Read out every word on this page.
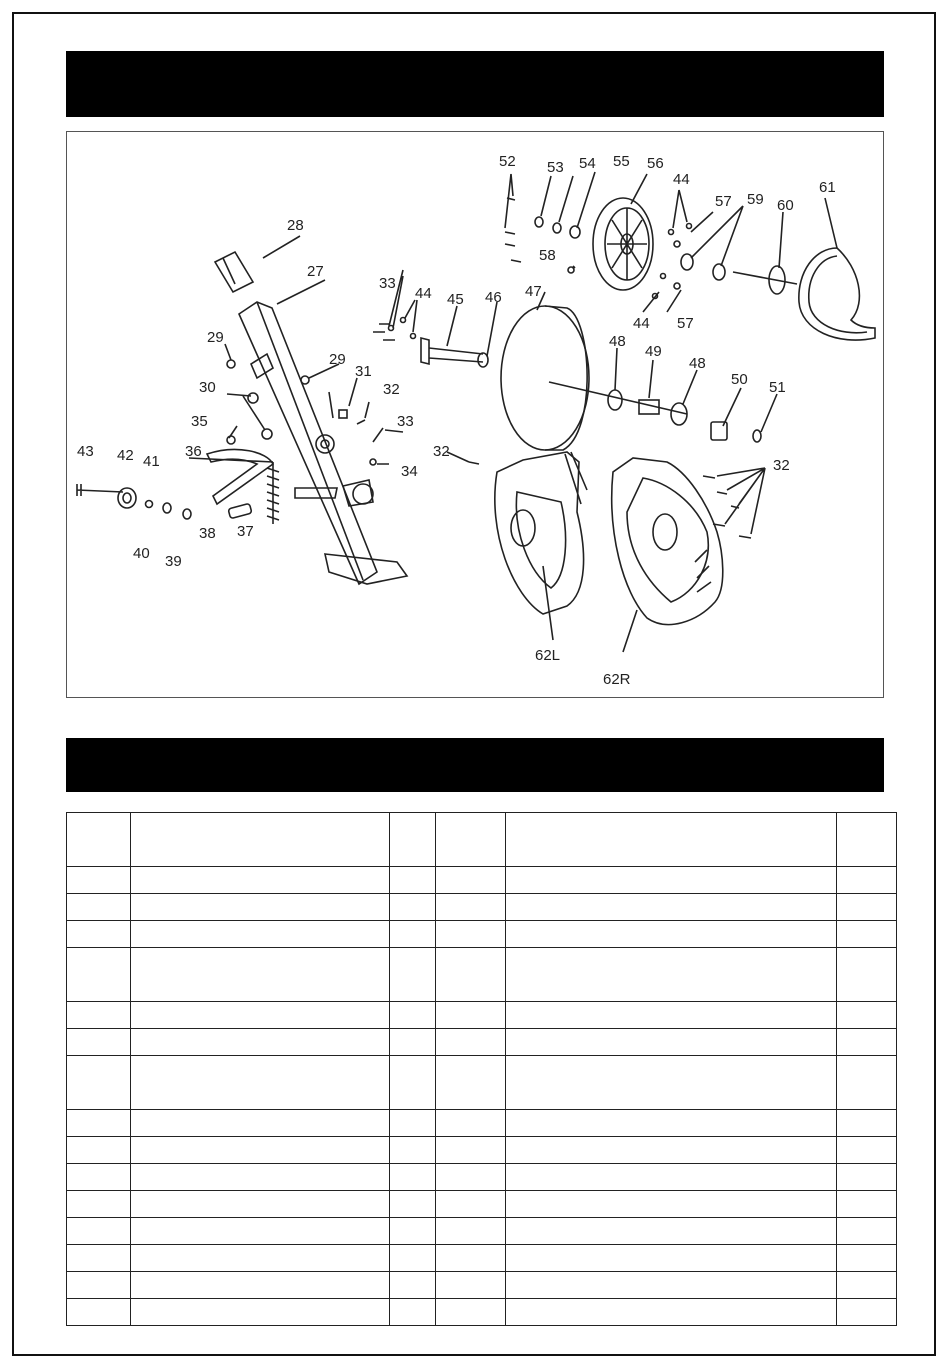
52 53 54 55 56
44
57 59 60
61
58
28
27
33
44 45 46 47
29
29
31
32
30
35
36
33
34
43 42 41
40 39
38 37
48
49
48
50 51
44 57
32
32
62L
62R
